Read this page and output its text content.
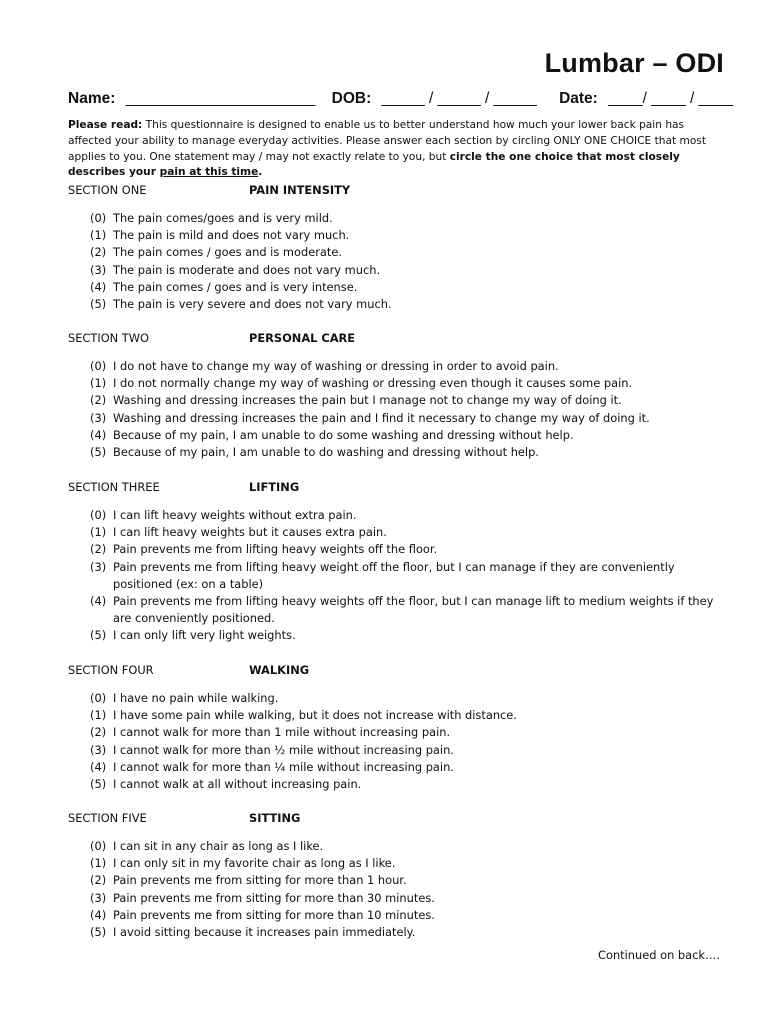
Lumbar – ODI
Name: ______________________ DOB: _____ / _____ / _____ Date: ____/ ____ / ____
Please read: This questionnaire is designed to enable us to better understand how much your lower back pain has affected your ability to manage everyday activities. Please answer each section by circling ONLY ONE CHOICE that most applies to you. One statement may / may not exactly relate to you, but circle the one choice that most closely describes your pain at this time.
SECTION ONE	PAIN INTENSITY
(0) The pain comes/goes and is very mild.
(1) The pain is mild and does not vary much.
(2) The pain comes / goes and is moderate.
(3) The pain is moderate and does not vary much.
(4) The pain comes / goes and is very intense.
(5) The pain is very severe and does not vary much.
SECTION TWO	PERSONAL CARE
(0) I do not have to change my way of washing or dressing in order to avoid pain.
(1) I do not normally change my way of washing or dressing even though it causes some pain.
(2) Washing and dressing increases the pain but I manage not to change my way of doing it.
(3) Washing and dressing increases the pain and I find it necessary to change my way of doing it.
(4) Because of my pain, I am unable to do some washing and dressing without help.
(5) Because of my pain, I am unable to do washing and dressing without help.
SECTION THREE	LIFTING
(0) I can lift heavy weights without extra pain.
(1) I can lift heavy weights but it causes extra pain.
(2) Pain prevents me from lifting heavy weights off the floor.
(3) Pain prevents me from lifting heavy weight off the floor, but I can manage if they are conveniently positioned (ex: on a table)
(4) Pain prevents me from lifting heavy weights off the floor, but I can manage lift to medium weights if they are conveniently positioned.
(5) I can only lift very light weights.
SECTION FOUR	WALKING
(0) I have no pain while walking.
(1) I have some pain while walking, but it does not increase with distance.
(2) I cannot walk for more than 1 mile without increasing pain.
(3) I cannot walk for more than ½ mile without increasing pain.
(4) I cannot walk for more than ¼ mile without increasing pain.
(5) I cannot walk at all without increasing pain.
SECTION FIVE	SITTING
(0) I can sit in any chair as long as I like.
(1) I can only sit in my favorite chair as long as I like.
(2) Pain prevents me from sitting for more than 1 hour.
(3) Pain prevents me from sitting for more than 30 minutes.
(4) Pain prevents me from sitting for more than 10 minutes.
(5) I avoid sitting because it increases pain immediately.
Continued on back….
